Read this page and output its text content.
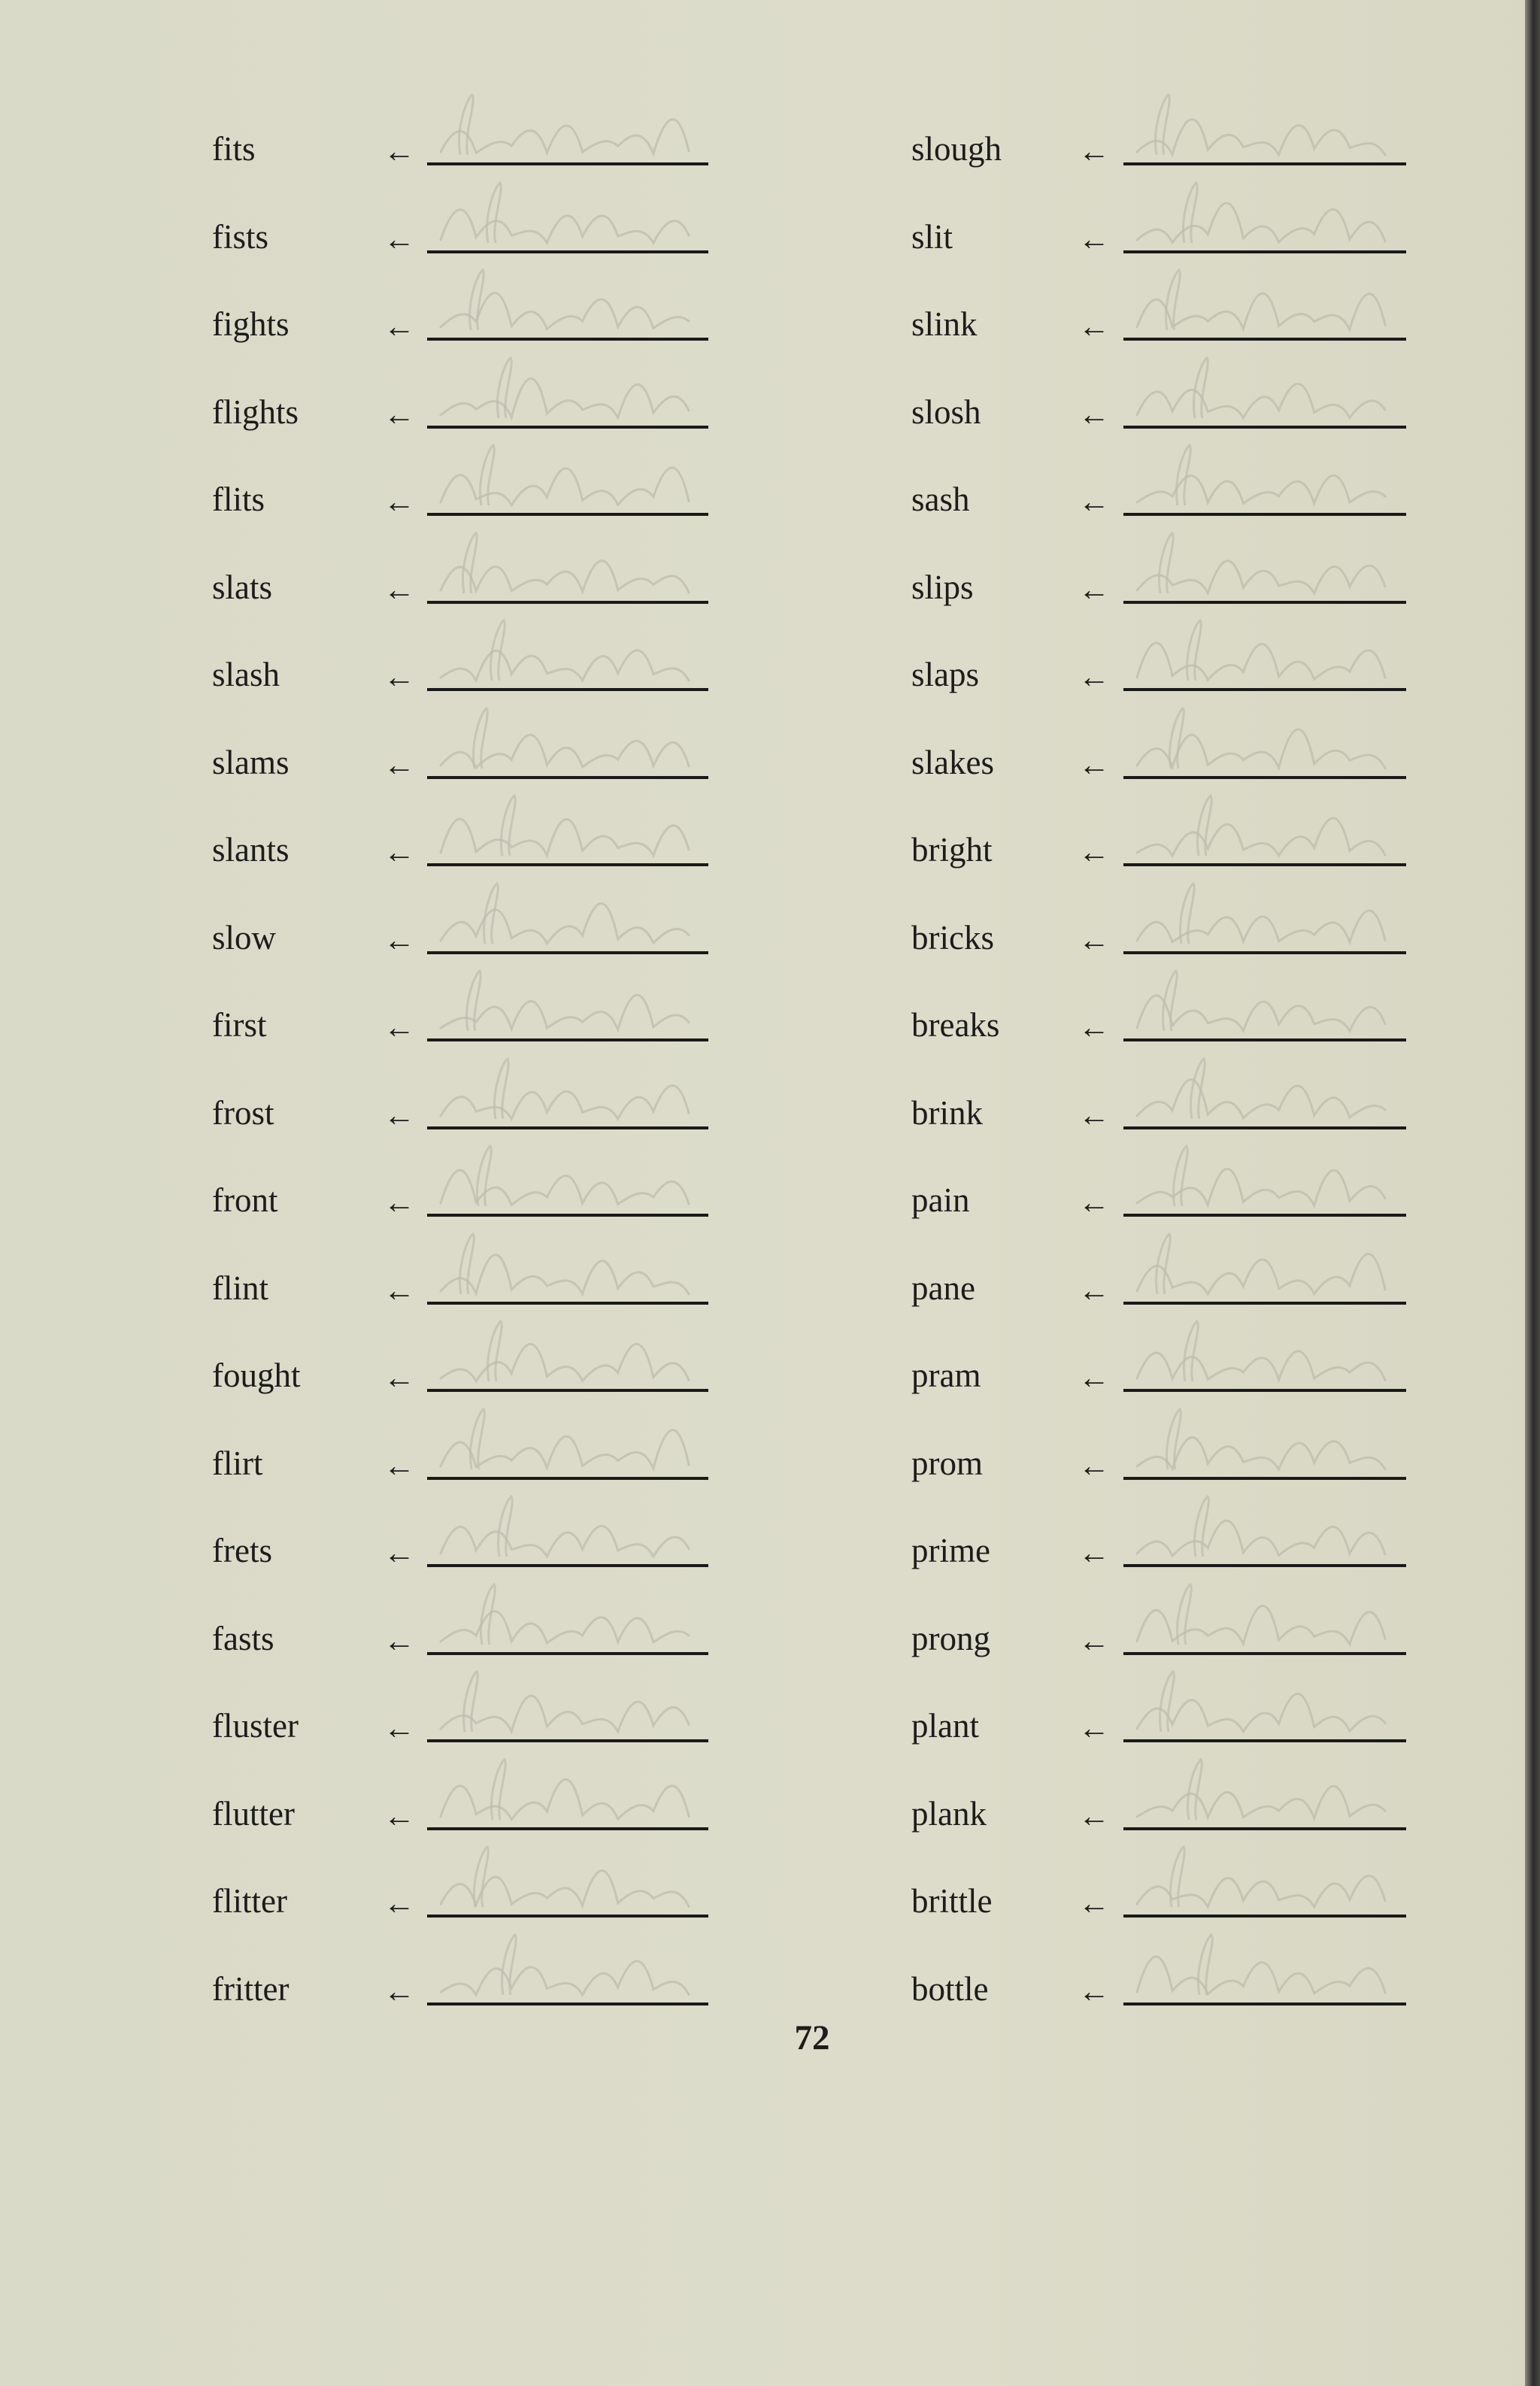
fits	←
fists	←
fights	←
flights	←
flits	←
slats	←
slash	←
slams	←
slants	←
slow	←
first	←
frost	←
front	←
flint	←
fought	←
flirt	←
frets	←
fasts	←
fluster	←
flutter	←
flitter	←
fritter	←
slough ←
slit	←
slink	←
slosh	←
sash	←
slips	←
slaps	←
slakes	←
bright	←
bricks	←
breaks ←
brink	←
pain	←
pane	←
pram	←
prom	←
prime	←
prong	←
plant	←
plank	←
brittle	←
bottle	←
72
